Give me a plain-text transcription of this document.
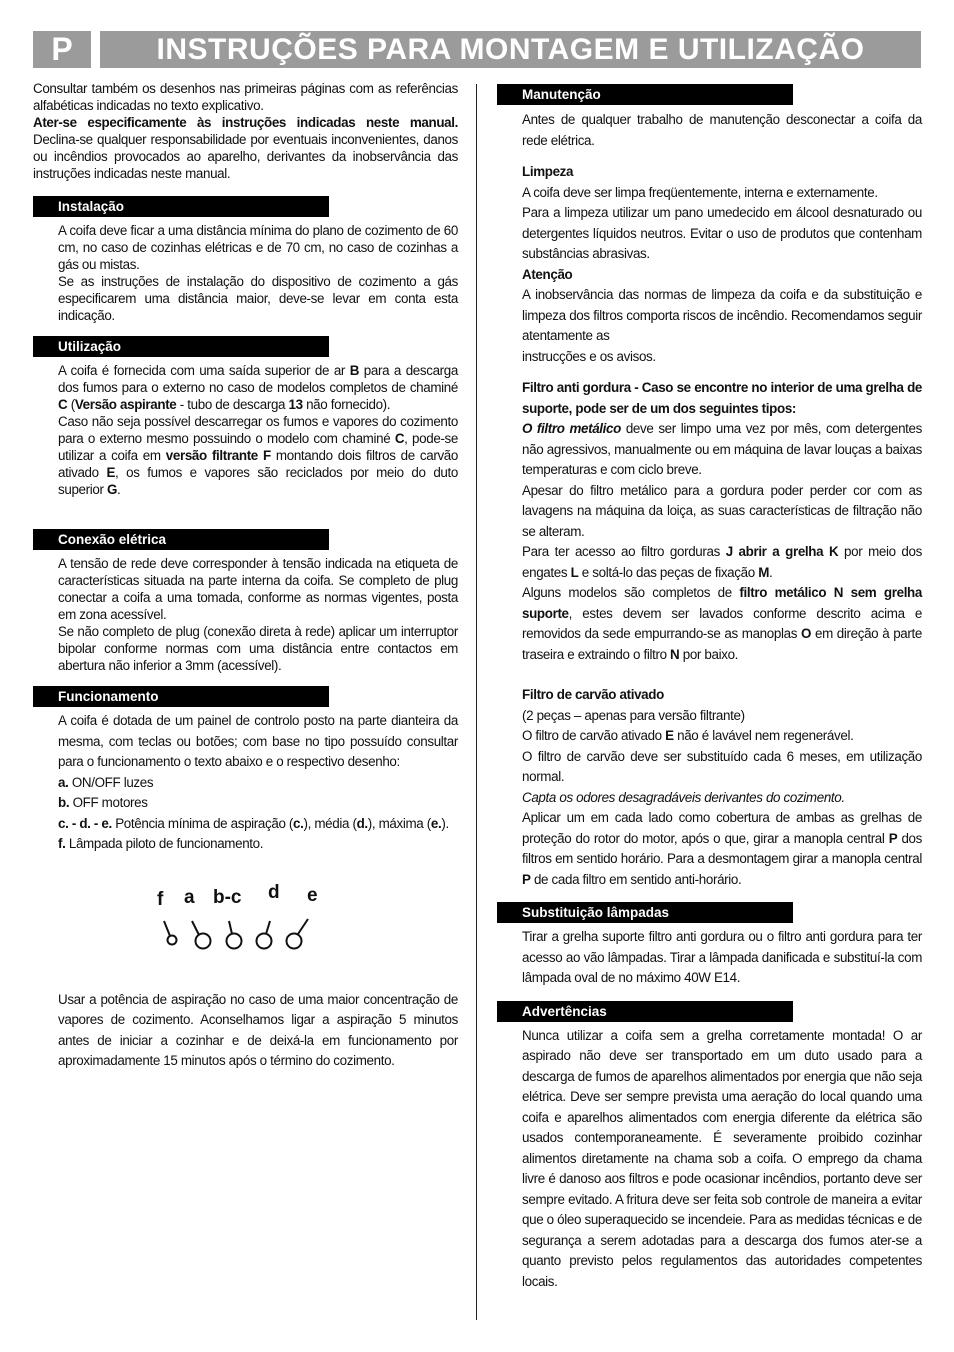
P	INSTRUÇÕES PARA MONTAGEM E UTILIZAÇÃO

Consultar também os desenhos nas primeiras páginas com as referências alfabéticas indicadas no texto explicativo.

Ater-se especificamente às instruções indicadas neste manual. Declina-se qualquer responsabilidade por eventuais inconvenientes, danos ou incêndios provocados ao aparelho, derivantes da inobservância das instruções indicadas neste manual.

Instalação

A coifa deve ficar a uma distância mínima do plano de cozimento de 60 cm, no caso de cozinhas elétricas e de 70 cm, no caso de cozinhas a gás ou mistas.

Se as instruções de instalação do dispositivo de cozimento a gás especificarem uma distância maior, deve-se levar em conta esta indicação.

Utilização

A coifa é fornecida com uma saída superior de ar B para a descarga dos fumos para o externo no caso de modelos completos de chaminé C (Versão aspirante - tubo de descarga 13 não fornecido).

Caso não seja possível descarregar os fumos e vapores do cozimento para o externo mesmo possuindo o modelo com chaminé C, pode-se utilizar a coifa em versão filtrante F montando dois filtros de carvão ativado E, os fumos e vapores são reciclados por meio do duto superior G.

Conexão elétrica

A tensão de rede deve corresponder à tensão indicada na etiqueta de características situada na parte interna da coifa. Se completo de plug conectar a coifa a uma tomada, conforme as normas vigentes, posta em zona acessível.

Se não completo de plug (conexão direta à rede) aplicar um interruptor bipolar conforme normas com uma distância entre contactos em abertura não inferior a 3mm (acessível).

Funcionamento

A coifa é dotada de um painel de controlo posto na parte dianteira da mesma, com teclas ou botões; com base no tipo possuído consultar para o funcionamento o texto abaixo e o respectivo desenho:

a. ON/OFF luzes

b. OFF motores

c. - d. - e. Potência mínima de aspiração (c.), média (d.), máxima (e.).

f. Lâmpada piloto de funcionamento.

f a b-c d e

Usar a potência de aspiração no caso de uma maior concentração de vapores de cozimento. Aconselhamos ligar a aspiração 5 minutos antes de iniciar a cozinhar e de deixá-la em funcionamento por aproximadamente 15 minutos após o término do cozimento.

Manutenção

Antes de qualquer trabalho de manutenção desconectar a coifa da rede elétrica.

Limpeza

A coifa deve ser limpa freqüentemente, interna e externamente.

Para a limpeza utilizar um pano umedecido em álcool desnaturado ou detergentes líquidos neutros. Evitar o uso de produtos que contenham substâncias abrasivas.

Atenção

A inobservância das normas de limpeza da coifa e da substituição e limpeza dos filtros comporta riscos de incêndio. Recomendamos seguir atentamente as

instrucções e os avisos.

Filtro anti gordura - Caso se encontre no interior de uma grelha de suporte, pode ser de um dos seguintes tipos:

O filtro metálico deve ser limpo uma vez por mês, com detergentes não agressivos, manualmente ou em máquina de lavar louças a baixas temperaturas e com ciclo breve.

Apesar do filtro metálico para a gordura poder perder cor com as lavagens na máquina da loiça, as suas características de filtração não se alteram.

Para ter acesso ao filtro gorduras J abrir a grelha K por meio dos engates L e soltá-lo das peças de fixação M.

Alguns modelos são completos de filtro metálico N sem grelha suporte, estes devem ser lavados conforme descrito acima e removidos da sede empurrando-se as manoplas O em direção à parte traseira e extraindo o filtro N por baixo.

Filtro de carvão ativado

(2 peças – apenas para versão filtrante)

O filtro de carvão ativado E não é lavável nem regenerável.

O filtro de carvão deve ser substituído cada 6 meses, em utilização normal.

Capta os odores desagradáveis derivantes do cozimento.

Aplicar um em cada lado como cobertura de ambas as grelhas de proteção do rotor do motor, após o que, girar a manopla central P dos filtros em sentido horário. Para a desmontagem girar a manopla central P de cada filtro em sentido anti-horário.

Substituição lâmpadas

Tirar a grelha suporte filtro anti gordura ou o filtro anti gordura para ter acesso ao vão lâmpadas. Tirar a lâmpada danificada e substituí-la com lâmpada oval de no máximo 40W E14.

Advertências

Nunca utilizar a coifa sem a grelha corretamente montada! O ar aspirado não deve ser transportado em um duto usado para a descarga de fumos de aparelhos alimentados por energia que não seja elétrica. Deve ser sempre prevista uma aeração do local quando uma coifa e aparelhos alimentados com energia diferente da elétrica são usados contemporaneamente. É severamente proibido cozinhar alimentos diretamente na chama sob a coifa. O emprego da chama livre é danoso aos filtros e pode ocasionar incêndios, portanto deve ser sempre evitado. A fritura deve ser feita sob controle de maneira a evitar que o óleo superaquecido se incendeie. Para as medidas técnicas e de segurança a serem adotadas para a descarga dos fumos ater-se a quanto previsto pelos regulamentos das autoridades competentes locais.
